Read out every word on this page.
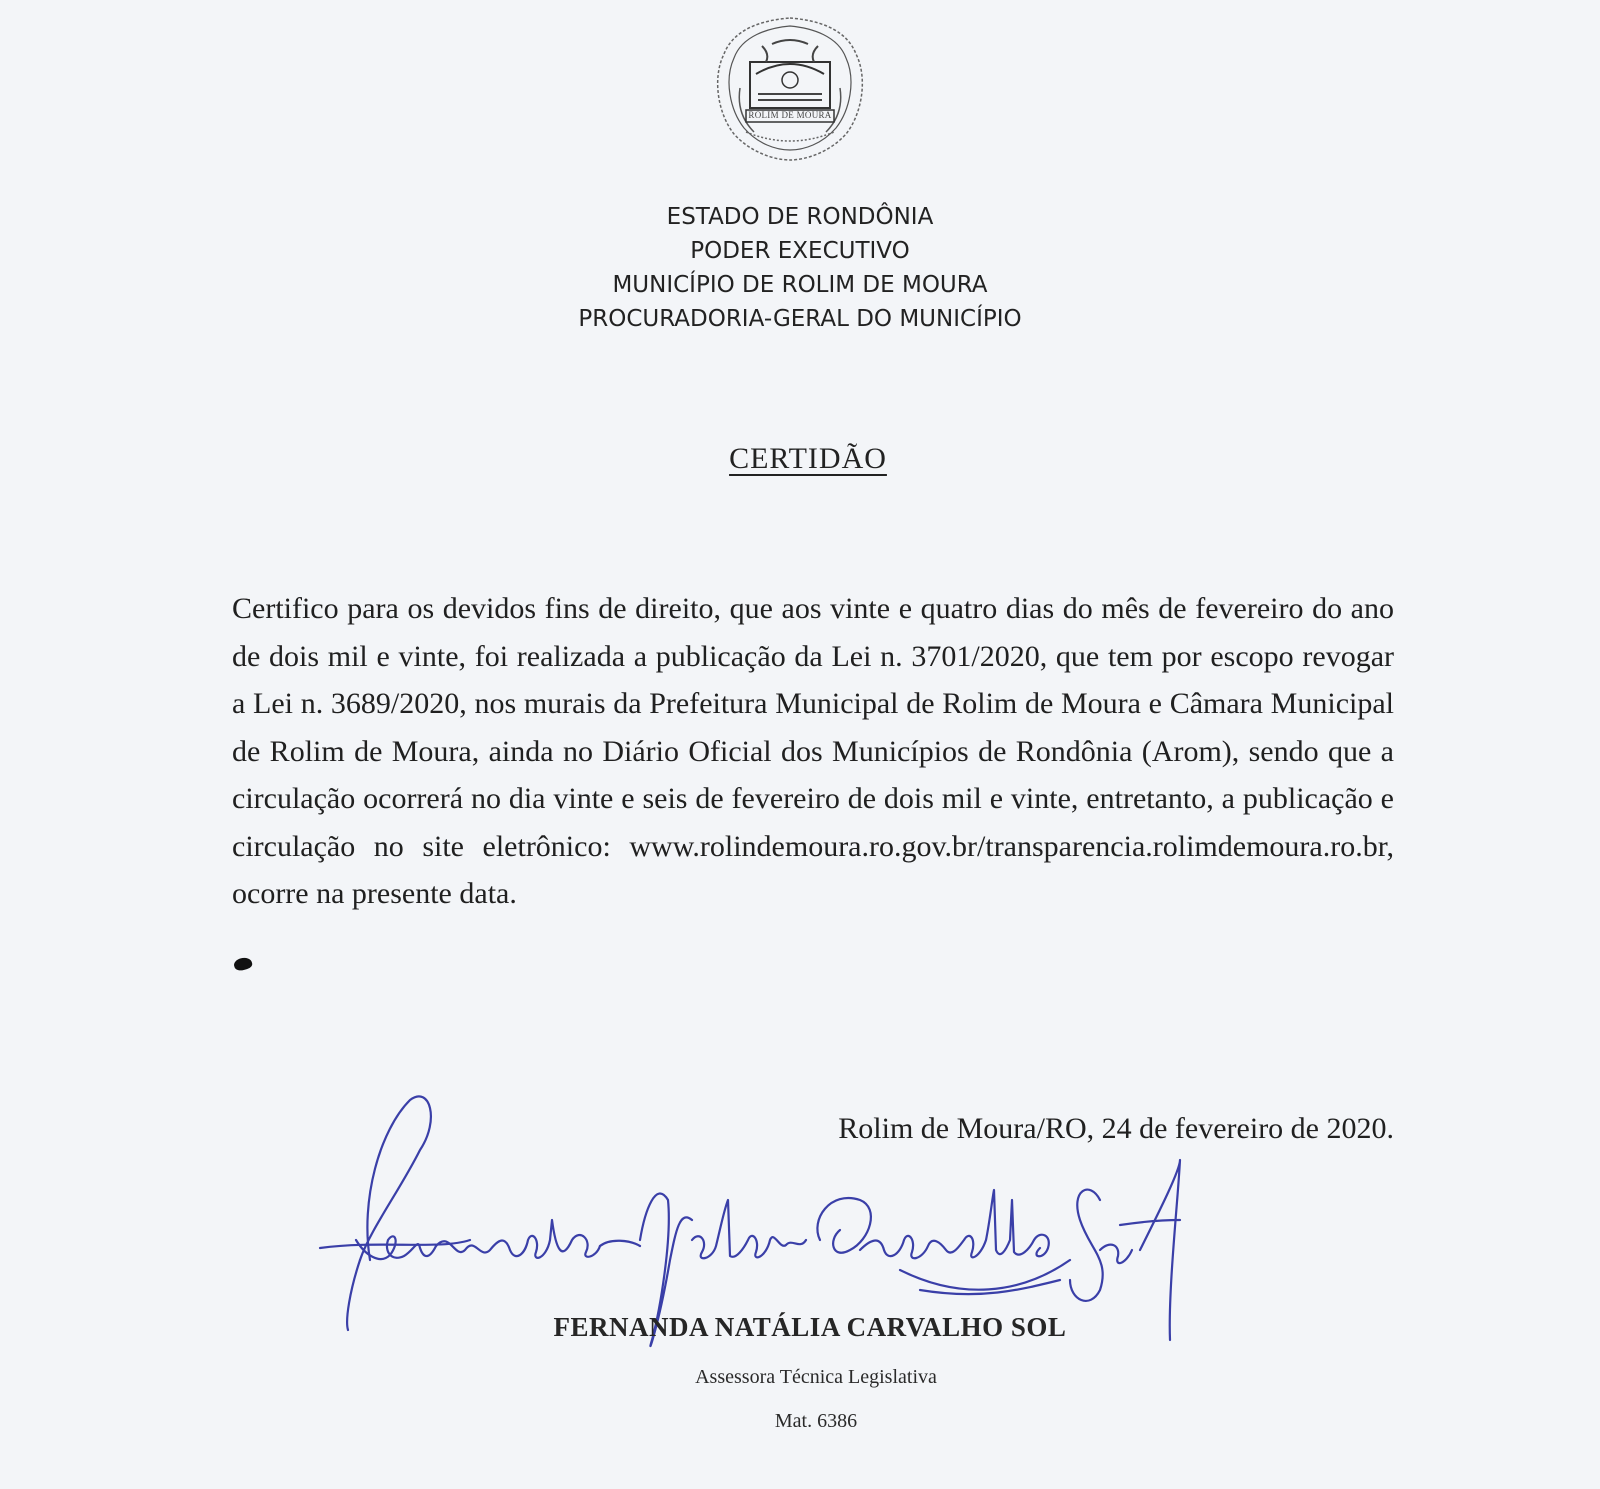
ROLIM DE MOURA
ESTADO DE RONDÔNIA
PODER EXECUTIVO
MUNICÍPIO DE ROLIM DE MOURA
PROCURADORIA-GERAL DO MUNICÍPIO
CERTIDÃO
Certifico para os devidos fins de direito, que aos vinte e quatro dias do mês de fevereiro do ano de dois mil e vinte, foi realizada a publicação da Lei n. 3701/2020, que tem por escopo revogar a Lei n. 3689/2020, nos murais da Prefeitura Municipal de Rolim de Moura e Câmara Municipal de Rolim de Moura, ainda no Diário Oficial dos Municípios de Rondônia (Arom), sendo que a circulação ocorrerá no dia vinte e seis de fevereiro de dois mil e vinte, entretanto, a publicação e circulação no site eletrônico: www.rolindemoura.ro.gov.br/transparencia.rolimdemoura.ro.br, ocorre na presente data.
Rolim de Moura/RO, 24 de fevereiro de 2020.
FERNANDA NATÁLIA CARVALHO SOL
Assessora Técnica Legislativa
Mat. 6386
